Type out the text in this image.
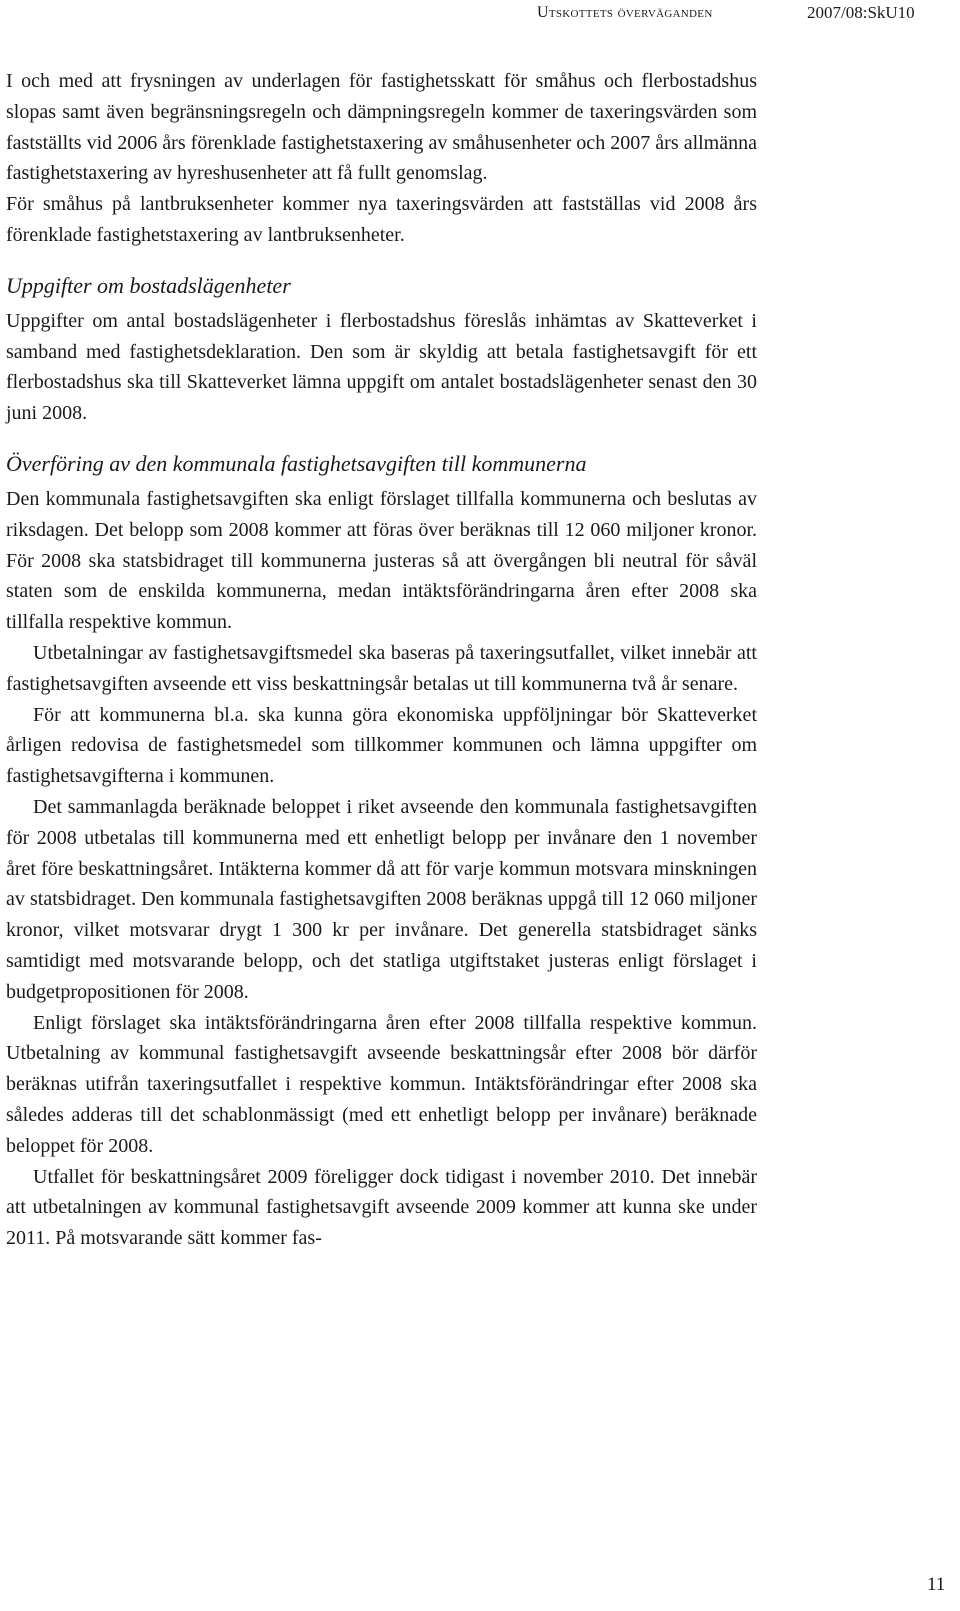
Utskottets överväganden	2007/08:SkU10

I och med att frysningen av underlagen för fastighetsskatt för småhus och flerbostadshus slopas samt även begränsningsregeln och dämpningsregeln kommer de taxeringsvärden som fastställts vid 2006 års förenklade fastighetstaxering av småhusenheter och 2007 års allmänna fastighetstaxering av hyreshusenheter att få fullt genomslag.

För småhus på lantbruksenheter kommer nya taxeringsvärden att fastställas vid 2008 års förenklade fastighetstaxering av lantbruksenheter.

Uppgifter om bostadslägenheter

Uppgifter om antal bostadslägenheter i flerbostadshus föreslås inhämtas av Skatteverket i samband med fastighetsdeklaration. Den som är skyldig att betala fastighetsavgift för ett flerbostadshus ska till Skatteverket lämna uppgift om antalet bostadslägenheter senast den 30 juni 2008.

Överföring av den kommunala fastighetsavgiften till kommunerna

Den kommunala fastighetsavgiften ska enligt förslaget tillfalla kommunerna och beslutas av riksdagen. Det belopp som 2008 kommer att föras över beräknas till 12 060 miljoner kronor. För 2008 ska statsbidraget till kommunerna justeras så att övergången bli neutral för såväl staten som de enskilda kommunerna, medan intäktsförändringarna åren efter 2008 ska tillfalla respektive kommun.

Utbetalningar av fastighetsavgiftsmedel ska baseras på taxeringsutfallet, vilket innebär att fastighetsavgiften avseende ett viss beskattningsår betalas ut till kommunerna två år senare.

För att kommunerna bl.a. ska kunna göra ekonomiska uppföljningar bör Skatteverket årligen redovisa de fastighetsmedel som tillkommer kommunen och lämna uppgifter om fastighetsavgifterna i kommunen.

Det sammanlagda beräknade beloppet i riket avseende den kommunala fastighetsavgiften för 2008 utbetalas till kommunerna med ett enhetligt belopp per invånare den 1 november året före beskattningsåret. Intäkterna kommer då att för varje kommun motsvara minskningen av statsbidraget. Den kommunala fastighetsavgiften 2008 beräknas uppgå till 12 060 miljoner kronor, vilket motsvarar drygt 1 300 kr per invånare. Det generella statsbidraget sänks samtidigt med motsvarande belopp, och det statliga utgiftstaket justeras enligt förslaget i budgetpropositionen för 2008.

Enligt förslaget ska intäktsförändringarna åren efter 2008 tillfalla respektive kommun. Utbetalning av kommunal fastighetsavgift avseende beskattningsår efter 2008 bör därför beräknas utifrån taxeringsutfallet i respektive kommun. Intäktsförändringar efter 2008 ska således adderas till det schablonmässigt (med ett enhetligt belopp per invånare) beräknade beloppet för 2008.

Utfallet för beskattningsåret 2009 föreligger dock tidigast i november 2010. Det innebär att utbetalningen av kommunal fastighetsavgift avseende 2009 kommer att kunna ske under 2011. På motsvarande sätt kommer fas-

11
